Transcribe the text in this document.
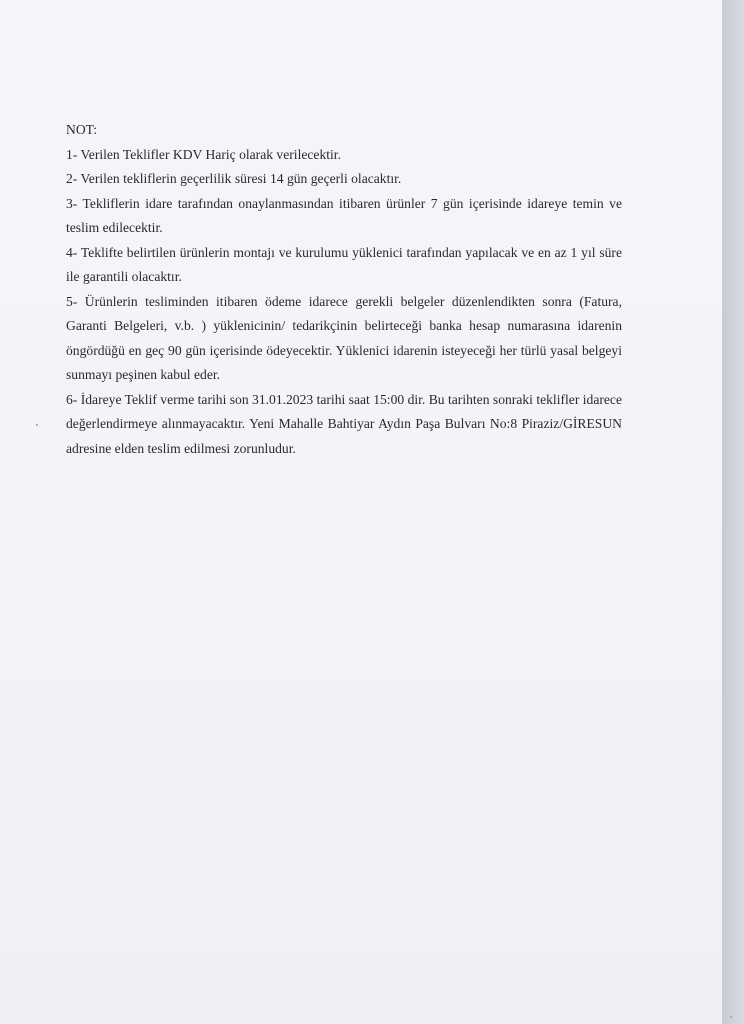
NOT:

1- Verilen Teklifler KDV Hariç olarak verilecektir.

2- Verilen tekliflerin geçerlilik süresi 14 gün geçerli olacaktır.

3- Tekliflerin idare tarafından onaylanmasından itibaren ürünler 7 gün içerisinde idareye temin ve teslim edilecektir.

4- Teklifte belirtilen ürünlerin montajı ve kurulumu yüklenici tarafından yapılacak ve en az 1 yıl süre ile garantili olacaktır.

5- Ürünlerin tesliminden itibaren ödeme idarece gerekli belgeler düzenlendikten sonra (Fatura, Garanti Belgeleri, v.b. ) yüklenicinin/ tedarikçinin belirteceği banka hesap numarasına idarenin öngördüğü en geç 90 gün içerisinde ödeyecektir. Yüklenici idarenin isteyeceği her türlü yasal belgeyi sunmayı peşinen kabul eder.

6- İdareye Teklif verme tarihi son 31.01.2023 tarihi saat 15:00 dir. Bu tarihten sonraki teklifler idarece değerlendirmeye alınmayacaktır. Yeni Mahalle Bahtiyar Aydın Paşa Bulvarı No:8 Piraziz/GİRESUN adresine elden teslim edilmesi zorunludur.
